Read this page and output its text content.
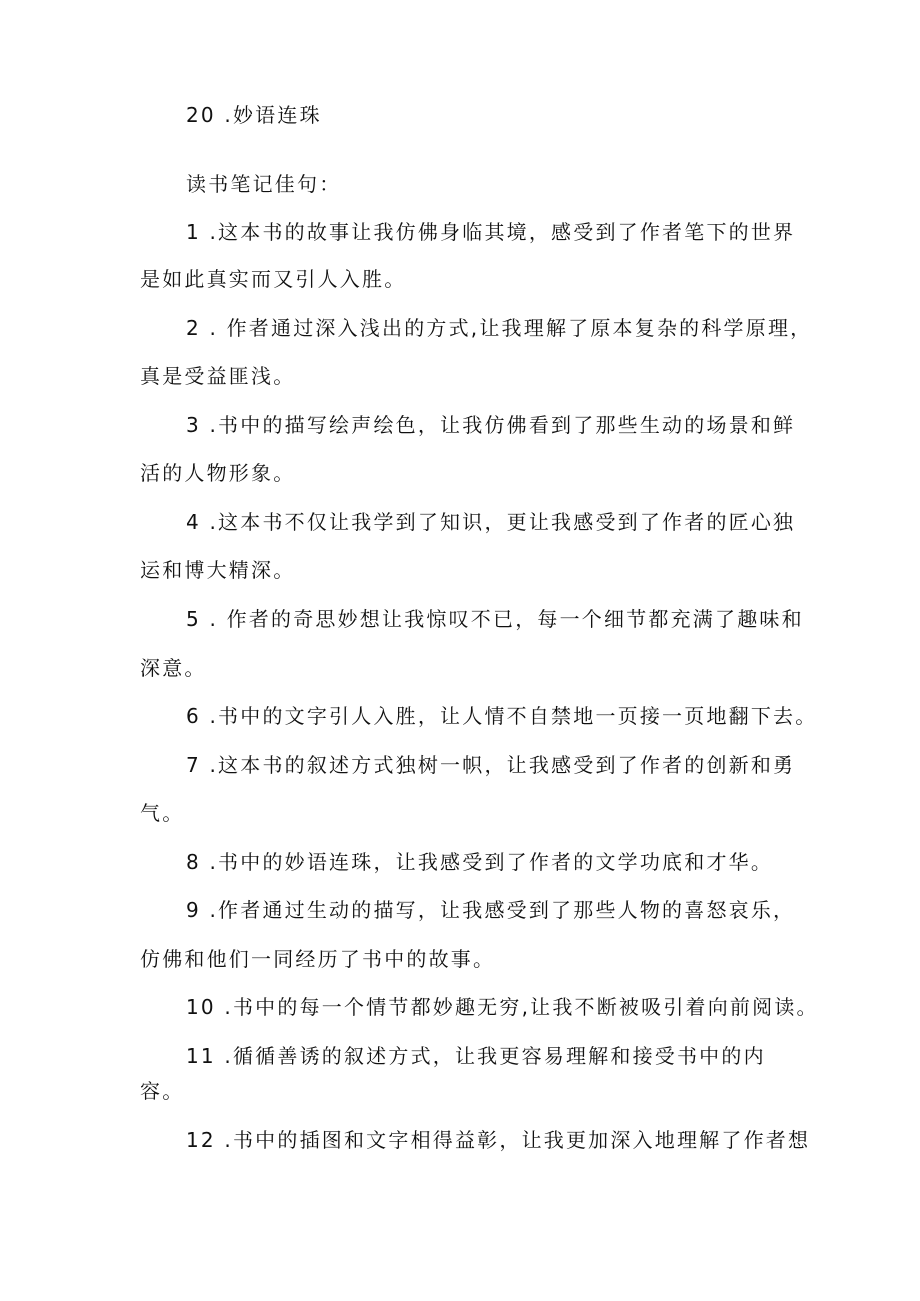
20 .妙语连珠
读书笔记佳句：
1 .这本书的故事让我仿佛身临其境，感受到了作者笔下的世界
是如此真实而又引人入胜。
2 . 作者通过深入浅出的方式,让我理解了原本复杂的科学原理，
真是受益匪浅。
3 .书中的描写绘声绘色，让我仿佛看到了那些生动的场景和鲜
活的人物形象。
4 .这本书不仅让我学到了知识，更让我感受到了作者的匠心独
运和博大精深。
5 . 作者的奇思妙想让我惊叹不已，每一个细节都充满了趣味和
深意。
6 .书中的文字引人入胜，让人情不自禁地一页接一页地翻下去。
7 .这本书的叙述方式独树一帜，让我感受到了作者的创新和勇
气。
8 .书中的妙语连珠，让我感受到了作者的文学功底和才华。
9 .作者通过生动的描写，让我感受到了那些人物的喜怒哀乐，
仿佛和他们一同经历了书中的故事。
10 .书中的每一个情节都妙趣无穷,让我不断被吸引着向前阅读。
11 .循循善诱的叙述方式，让我更容易理解和接受书中的内
容。
12 .书中的插图和文字相得益彰，让我更加深入地理解了作者想
